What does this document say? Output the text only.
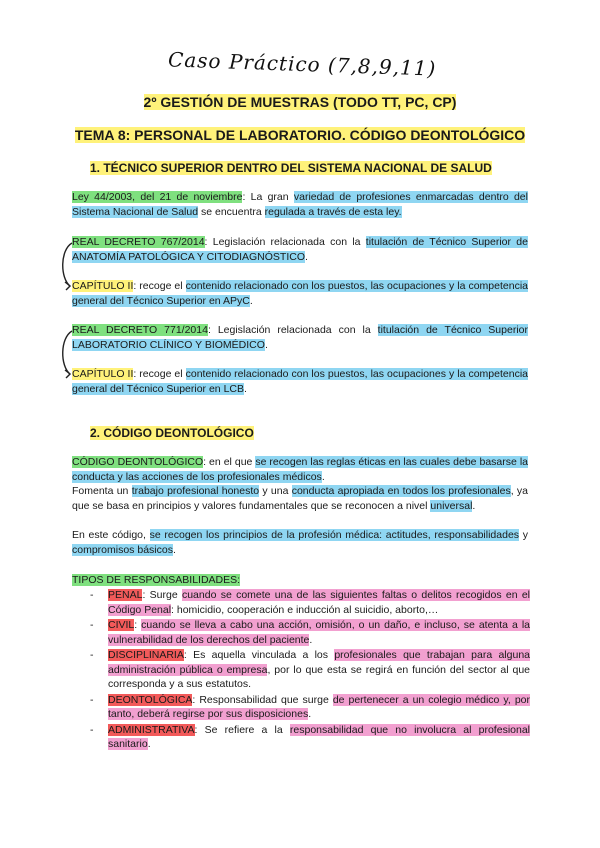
Caso Práctico (7,8,9,11)
2º GESTIÓN DE MUESTRAS (TODO TT, PC, CP)
TEMA 8: PERSONAL DE LABORATORIO. CÓDIGO DEONTOLÓGICO
1. TÉCNICO SUPERIOR DENTRO DEL SISTEMA NACIONAL DE SALUD
Ley 44/2003, del 21 de noviembre: La gran variedad de profesiones enmarcadas dentro del Sistema Nacional de Salud se encuentra regulada a través de esta ley.
REAL DECRETO 767/2014: Legislación relacionada con la titulación de Técnico Superior de ANATOMÍA PATOLÓGICA Y CITODIAGNÓSTICO.
CAPÍTULO II: recoge el contenido relacionado con los puestos, las ocupaciones y la competencia general del Técnico Superior en APyC.
REAL DECRETO 771/2014: Legislación relacionada con la titulación de Técnico Superior LABORATORIO CLÍNICO Y BIOMÉDICO.
CAPÍTULO II: recoge el contenido relacionado con los puestos, las ocupaciones y la competencia general del Técnico Superior en LCB.
2. CÓDIGO DEONTOLÓGICO
CÓDIGO DEONTOLÓGICO: en el que se recogen las reglas éticas en las cuales debe basarse la conducta y las acciones de los profesionales médicos.
Fomenta un trabajo profesional honesto y una conducta apropiada en todos los profesionales, ya que se basa en principios y valores fundamentales que se reconocen a nivel universal.
En este código, se recogen los principios de la profesión médica: actitudes, responsabilidades y compromisos básicos.
TIPOS DE RESPONSABILIDADES:
- PENAL: Surge cuando se comete una de las siguientes faltas o delitos recogidos en el Código Penal: homicidio, cooperación e inducción al suicidio, aborto,…
- CIVIL: cuando se lleva a cabo una acción, omisión, o un daño, e incluso, se atenta a la vulnerabilidad de los derechos del paciente.
- DISCIPLINARIA: Es aquella vinculada a los profesionales que trabajan para alguna administración pública o empresa, por lo que esta se regirá en función del sector al que corresponda y a sus estatutos.
- DEONTOLÓGICA: Responsabilidad que surge de pertenecer a un colegio médico y, por tanto, deberá regirse por sus disposiciones.
- ADMINISTRATIVA: Se refiere a la responsabilidad que no involucra al profesional sanitario.
